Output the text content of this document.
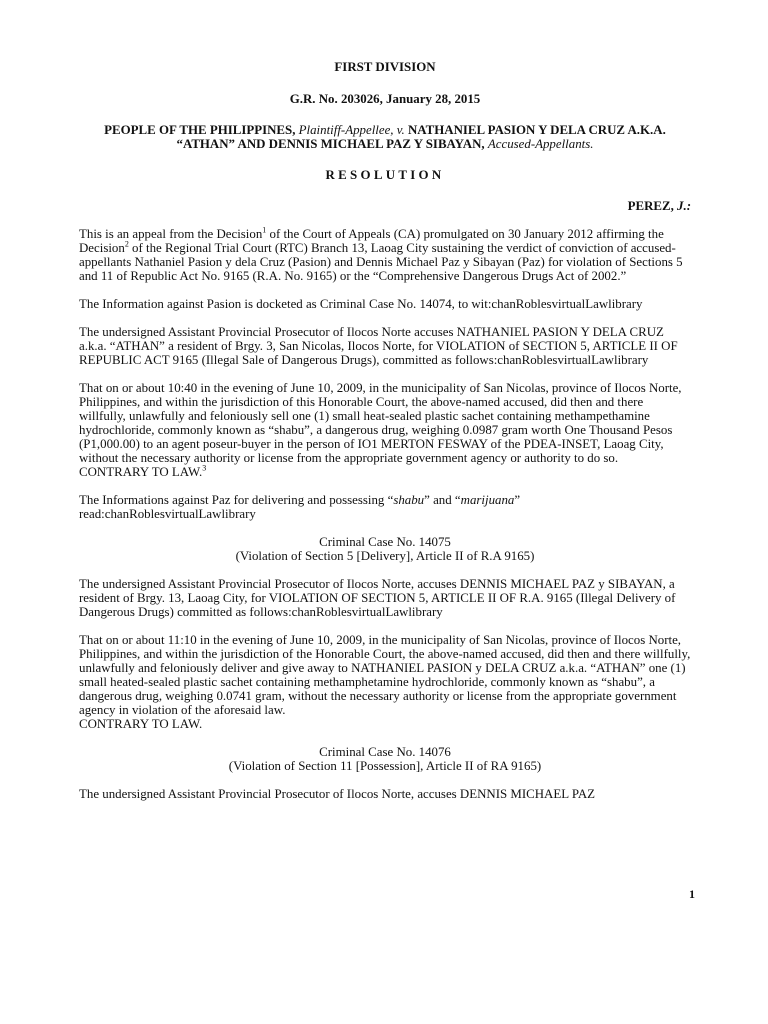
FIRST DIVISION

G.R. No. 203026, January 28, 2015

PEOPLE OF THE PHILIPPINES, Plaintiff-Appellee, v. NATHANIEL PASION Y DELA CRUZ A.K.A. “ATHAN” AND DENNIS MICHAEL PAZ Y SIBAYAN, Accused-Appellants.

RESOLUTION

PEREZ, J.:

This is an appeal from the Decision$^1$ of the Court of Appeals (CA) promulgated on 30 January 2012 affirming the Decision$^2$ of the Regional Trial Court (RTC) Branch 13, Laoag City sustaining the verdict of conviction of accused-appellants Nathaniel Pasion y dela Cruz (Pasion) and Dennis Michael Paz y Sibayan (Paz) for violation of Sections 5 and 11 of Republic Act No. 9165 (R.A. No. 9165) or the “Comprehensive Dangerous Drugs Act of 2002.”

The Information against Pasion is docketed as Criminal Case No. 14074, to wit:chanRoblesvirtualLawlibrary

The undersigned Assistant Provincial Prosecutor of Ilocos Norte accuses NATHANIEL PASION Y DELA CRUZ a.k.a. “ATHAN” a resident of Brgy. 3, San Nicolas, Ilocos Norte, for VIOLATION of SECTION 5, ARTICLE II OF REPUBLIC ACT 9165 (Illegal Sale of Dangerous Drugs), committed as follows:chanRoblesvirtualLawlibrary

That on or about 10:40 in the evening of June 10, 2009, in the municipality of San Nicolas, province of Ilocos Norte, Philippines, and within the jurisdiction of this Honorable Court, the above-named accused, did then and there willfully, unlawfully and feloniously sell one (1) small heat-sealed plastic sachet containing methampethamine hydrochloride, commonly known as “shabu”, a dangerous drug, weighing 0.0987 gram worth One Thousand Pesos (P1,000.00) to an agent poseur-buyer in the person of IO1 MERTON FESWAY of the PDEA-INSET, Laoag City, without the necessary authority or license from the appropriate government agency or authority to do so.
CONTRARY TO LAW.$^3$

The Informations against Paz for delivering and possessing “shabu” and “marijuana” read:chanRoblesvirtualLawlibrary

Criminal Case No. 14075

(Violation of Section 5 [Delivery], Article II of R.A 9165)

The undersigned Assistant Provincial Prosecutor of Ilocos Norte, accuses DENNIS MICHAEL PAZ y SIBAYAN, a resident of Brgy. 13, Laoag City, for VIOLATION OF SECTION 5, ARTICLE II OF R.A. 9165 (Illegal Delivery of Dangerous Drugs) committed as follows:chanRoblesvirtualLawlibrary

That on or about 11:10 in the evening of June 10, 2009, in the municipality of San Nicolas, province of Ilocos Norte, Philippines, and within the jurisdiction of the Honorable Court, the above-named accused, did then and there willfully, unlawfully and feloniously deliver and give away to NATHANIEL PASION y DELA CRUZ a.k.a. “ATHAN” one (1) small heated-sealed plastic sachet containing methamphetamine hydrochloride, commonly known as “shabu”, a dangerous drug, weighing 0.0741 gram, without the necessary authority or license from the appropriate government agency in violation of the aforesaid law.
CONTRARY TO LAW.

Criminal Case No. 14076

(Violation of Section 11 [Possession], Article II of RA 9165)

The undersigned Assistant Provincial Prosecutor of Ilocos Norte, accuses DENNIS MICHAEL PAZ

1
